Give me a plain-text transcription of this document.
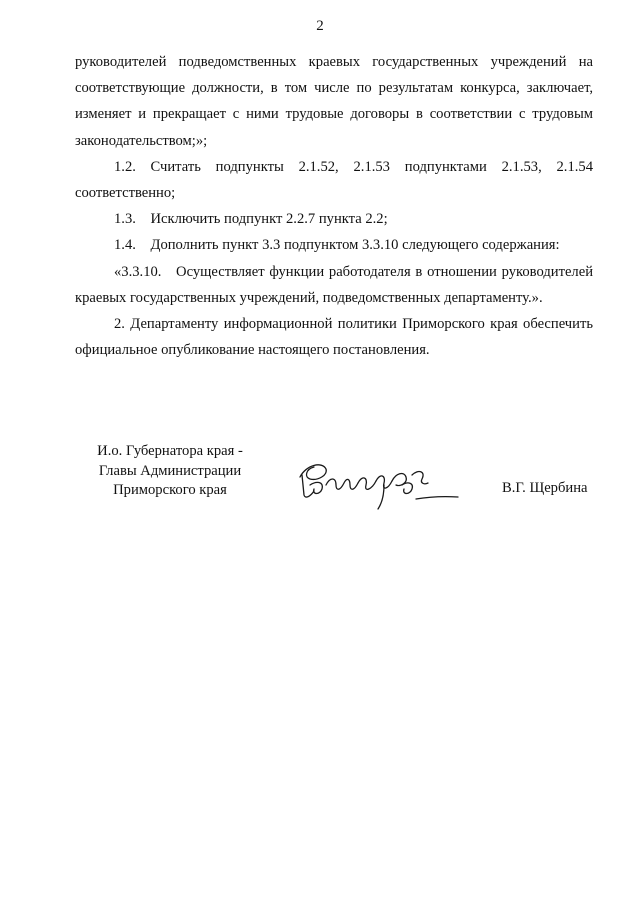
2

руководителей подведомственных краевых государственных учреждений на соответствующие должности, в том числе по результатам конкурса, заключает, изменяет и прекращает с ними трудовые договоры в соответствии с трудовым законодательством;»;

1.2. Считать подпункты 2.1.52, 2.1.53 подпунктами 2.1.53, 2.1.54 соответственно;

1.3. Исключить подпункт 2.2.7 пункта 2.2;

1.4. Дополнить пункт 3.3 подпунктом 3.3.10 следующего содержания:

«3.3.10. Осуществляет функции работодателя в отношении руководителей краевых государственных учреждений, подведомственных департаменту.».

2. Департаменту информационной политики Приморского края обеспечить официальное опубликование настоящего постановления.

И.о. Губернатора края -
Главы Администрации
Приморского края	В.Г. Щербина
